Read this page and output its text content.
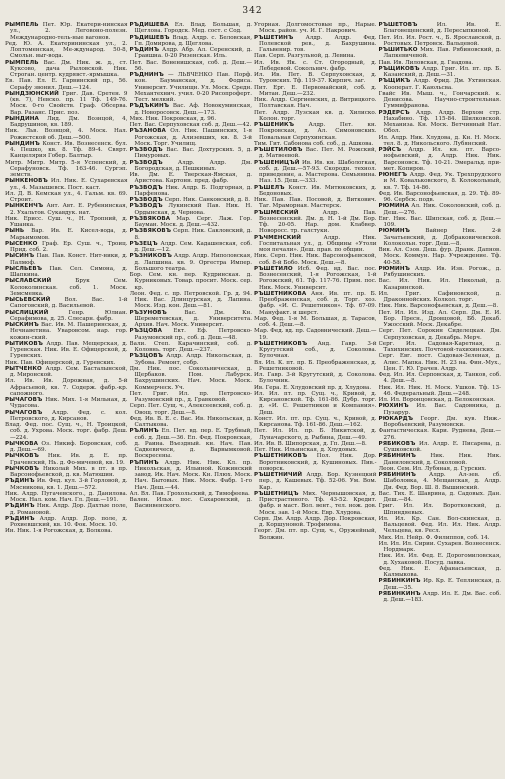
342

РЫМПЕЛЬ Пет. Юр. Екатери-нинская ул., 2. Леговоно-полезн. Международно-тель-ные вагонов.

Ред. Ю. А. Екатерининская ул., 2. Лоптоменская, Ме-ждународ. 50-8, Смольн. выг-вода.

РЫМПЕЛЬ Вас. Дм. Ник. ж. д., ст. Куксово, дача Рыловской. Ник. Строган. центр. кудрявст.-ярмышка.

Ев. Пав. Ел. Е. Гарвинский пр., 56. Серафу звонил. Деш.—124.

РЫНДЗЮНСКИЙ Григ. Дав. Сретен. 9 (кв. 7), Невско. пр. 11 Тф. 149-76. Моск. 0-го Свойств. Граф. Обсерва. Вар. Разанс. Прис. поз.

РЫНДИНА Лид. Дм. Вознцой, 4, Бадрушинов, кв. 189.

Ник. Льв. Вознцой, 4. Моск. Нал. Рожистской об. Деш.—500.

РЫНДИНЪ Конст. Ив. Вознесенск. бул. 4. Пешко, кв. 8. Тф. 89-4. Свярт. Канцелярия Гобер. Балтыр.

Митр. Митр. Митр. 5-я Успенский, д. Серафуновск. Тф. 163-46. Сургэп. земств.

РЫНКЕНОВЪ Ил. Ник. Е. Сухаревская ул., 4. Мазышевск. Пост. каст.

Ил. Д. В. Кемская ул., 4. Гальм. кв. 69. Строит.

РЫНКЕНЧЪ Ант. Авт. Е. Рубенинская, 2. Ухальтов. Сукавдук. нат.

Ник. Ерисс. Суш. ч., Н. Тропний, д. Ушанка.

РЫНЬ Вар. Ив. Е. Кисел-вода, д. Марьимомов.

РЫСЕНКО Граф. Ер. Суш. ч., Троиц. Прид. соб. 2.

РЫСИНЪ Пав. Пав. Конст. Нит-ники, д. Палмоф.

РЫСЛЬЕВЪ Пав. Сел. Симона, д. Шапкина.

РЫСЛАВСКИЙ Брук Сем. Колоколинская. соб. 1. Моск. Земсмевка.

РЫСЬЕВСКИЙ Вол. Вас. 1-й Сапоговский, д. Васильевой.

РЫСЛИЦКИЙ Генр. Юлиан. Серафимова, д. 25. Слесарн. фабр.

РЫСКИНЪ Вас. Ив. М. Пашеринская, д. Нечнаветина. Уваровсом. нар. гор. кожин-ский.

РЫТИКОВЪ Алдр. Пав. Мещерская, д. Гуревская. Ник. Ив. Е. Офицерской, д. Гуревских.

Ник. Пав. Офицерской, д. Гуревских.

РЫТЧЕНКО Алдр. Сем. Басталынской, д. Миронской.

Ил. Ив. Ив. Дорожная, д. 5-й Афрасьевой, кв. 7. Содерж. фабр.-кр. сапожного.

РЫЧАГОВЪ Ник. Мих. 1-я Мильная, д. Чудасова.

РЫЧАГОВЪ Алдр. Фед. с. кол. Петровского, д. Кирсанов.

Влад. Фед. пос. Сущ. ч., Н. Троицкой, соб. д. Ухрова. Моск. торг. фабр. Деш.—224.

РЫЧКОВА Оз. Никиф. Боровская, соб. д. Деш.—69.

РЫЧКОВЪ Ник. Ив. д. Е. пр. Грачевский, Нь. д. Фо-мичевой, кв. 19.

РЫЧКОВЪ Николай Мих. в пт. в пр. Варсонофьевской, д. кв. Матюшин.

РЪДИНЪ Ив. Фед. кул. 3-й Горловой, д. Мясникова, кв. 1. Деш.—572.

Ник. Алдр. Пугачевского., д. Данилова. Моск. Нал. ком. Нач. Гл. Деш.—191.

РЪДИНЪ Ник. Алдр. Дор. Дахтые поле, д. Романовой.

РЪДИНЪ Алдр. Алдр. Дор. поле, д. Рохиевшский, кв. 10. Фок. Моск. 10.

Ин. Ник. 1-я Рогожская, д. Волкова.

РЪДИШЕВА Ел. Влад. Большая, д. Щеглова. Городск. Мед. сост. с Сод.

РЪДИШЕВЪ Влад. Алдр. с. Беловская, Гп. Домирова, д. Щеглова.

РЪДИНЪ Алдр. Абр. Ал. Серенский, д. Граишна. 0-20 Ризенская. Иль.

Пет. Вас. Воненишская, соб. д. Деш.—56.

РЪДНИНЪ — ЛЬВЧЕНКО Пав. Порф. кон. Бауманская, д. Фодиса. Университ. Училищн. Ул. Моск. Средн. Механтехнич. учил. 0-20 Рисопроферт. Тест. мелкий.

РЪДЪКИНЪ Вас. Аф. Новокуминская, д. Новоросовск. Деш.—173.

Мих. Ник. Покровская, д. 96.

Пет. Вас. Серпуховская соб. д. Деш.—42.

РЪЗАНОВА Ол. Ник. Пашинских, 1-я Рогожская, д. Ализевших, кв. 8. 3-й Моск. Торг. Училищ.

РЪЗВОДЪ Вас. Вас. Дохтурских. 5, д. Пимуровых.

РЪЗВОДЪ Алдр. Алдр. Дм. Богородская, д. Пешкиных.

Ив. Дм. Е. Тверская-Ямская, д. Аристова. Картонн. пред. фабр.

РЪЗВОДЪ Ник. Алдр. Б. Подгорная, д. Парфенова.

РЪЗВОДЪ Серп. Ник. Санковский, д. 8.

РЪЗВОДЪ Лукинский Пав. Ник. Н. Ордынская, д. Чернова.

РЪЗВЯКОВА Мар. Серг. Лаж. Гор. Бауман. Моск. д. Деш.—432.

РЪЗВЯКОВЪ Серп. Ник. Сакловский, д. 8.

РЪЗЕЦЪ Алдр. Сем. Кадашевская, соб. д. Деш.—12.

РЪЗНИКОВЪ Алдр. Алдр. Ниполовская, д. Лапшина. кв. 9. Оргестра Импер. Большого театра.

Бор. Сем. кн. пер. Кудринская. д. Курниковых. Товар. просит. Моск. сер. кр.

Леон. Фед. с. пр. Петровской. Гр. д. 94. Ник. Вас. Длинцурская, д. Лапина. Моск. Изд. кон. Деш.—81.

РЪЗУНОВЪ Вас. Дм. Кн. Шереметевская, д. Университета. Архив. Нач. Моск. Университ.

РЪЗЦОВА Ект. Еф. Петровско-Разумовский пр., соб. д. Деш.—48.

Вали. Степ. Карачинский, соб. д. Коловнь. торг. Деш.—237.

РЪЗЦОВЪ Алдр. Алдр. Никольская, д. Зубова. Ремонт, собр.

Дм. Ник. пос. Сокольническая, д. Щербаков. Пом. Лабурск. Бахрушинских. Нач. Моск. Моск. Коммерческ. Уч.

Пет. Григ. Ил. пр. Петровско-Разумовский пр., д. Гравковой.

Серп. Пет. Сущ. ч., Алексеевский, соб. д. Овощ. торг. Деш.—8.

Фед. Ив. В. Е. с. Вас. Ив. Никольская, д. Салтыкова.

РЪЛИНЪ Ел. Пет. вд. пер. Е. Трубный, соб. д. Деш.—36. Еп. Фед. Покровская, д. Раина. Въездный. кн. Нач. Пав. Садкевичеси, д. Варвымковой. Воскресены.

РЪПИНЪ Алдр. Ник. Ник. Кл. пр. Никольская, д. Ильиной. Кожинский завод. Ик. Нач. Моск. Кн. Плюх. Моск. Нач. Бытовых. Ник. Моск. Фабр. 1-го Нач. Деш.—44.

Ал. Вл. Пав. Грохольский, д. Тимофеева.

Вален. Илья. пос. Сахаровский, д. Васинвенского.

Угорная. Долгомостовые пр., Нарые. Моск. район. уч. И. Г. Накрович.

РЪШЕТИНЪ Алдр. Алдр. Фед. Полевской рев., д. Бахрушина. Гальвенир. тов.

Пав. Серп. Разгульной, д. Левина.

Ил. Ив. Як. с. Ст. Огородный, д. Лебедевой. Сокольнич. фабр.

Ил. Ив. Пет. В. Серпуховская, д. Туровских. Тф. 119-37. Кирпич. заг.

Пит. Ерг. Е. Первомайский, соб. д. Митан. Деш.—232.

Ник. Алдр. Сергиевских, д. Витрицкого. Полтавская. Нач.

Пет. Алдр. Лузская кв. д. Хилиско. Колон. торг.

РЪШЕНИКЪ Алдр. Пет. кн. Покровская, д. Ал. Симоновских. Повальная Серпухинская.

Тим. Гит. Сабонова соб. соб., д. Ашкова.

РЪШЕТИЛОВЪ Вас. Пет. М. Рожский, д. Матвеевой.

РЪШЕНИЦЪЙ Ив. Ив. кн. Шабологкая, соб. д. Деш.—57-93. Скородн. технол. приведение, а. Мастерова. Семьянина. Наз. 15. Деш.—333.

РЪШЕЛЪ Конст. Ив. Митюковских, д. Бедоновых.

Ник. Пав. Пав. Посовой, д. Виткович. Таг. Мраморная. Мастерск.

РЪШМЕСКИЙ Алдр. Пав. Вознесенский. Дм. д. Н. 1-й Дм. Бор. Тф. 20-05. Нар. дом. Клабвер. Новоросс. тр. галстуки.

РЪЧМЕНСКИЙ Алдр. Ник. Госпитальная ул., д. Общины «Утоли моя печали». Деш. прав. по общин.

Ник. Серп. Ник. Ник. Варсонофьевской, соб. 8-й Бобо. Моск. Деш.—8.

РЪШЕТИЛО Исб. Фед. вд. Вас. пос. Вознесенский, 1-я Рогожская, 1-й Рогожский, 61. Тф. 117-76. Прим. пос. Ник. Моск. Университ.

РЪШЕТНИКОВА Аня. Ив. пт. пр. Б. Преображенская, соб. д. Торг. хоз. фабр. «И. С. Решетников». Тф. 67-09. Мануфакт. и шерст.

Мар. Фед. 1-я М. Большая, д. Тарасов, соб. 4. Деш.—8.

Мар. Фед. вд. пр. Садовнический. Деш.—19.

РЪШЕТНИКОВЪ Анд. Гавр. 3-й Кругутский соб., д. Соколова. Булочная.

Вл. Ил. К. пт. пр. Б. Преображенская, д. Решетниковой.

Ил. Гавр. 3-й Кругутский, д. Соколова. Булочник.

Ив. Гера. Е. Хлудовский пр. д. Хлудова.

Ил. Ил. пт. пр. Сущ. ч., Кривой, д. Кирсановской. Тф. 161-86. Дубр. торг. д. «И. С. Решетников и Компания». Деш.

Конст. Ил. пт. пр. Сущ. ч., Кривой, д. Кирсанова. Тф. 161-86. Деш.—162.

Пет. Ил. Ил. пр. Б. Никитской, д. Луначарского, д. Рыбина, Деш.—49.

Ил. Ив. В. Шипорская, д. Гп. Деш.—8.

Пет. Ник. Ильинская, д. Хлудовых.

РЪШЕТНИКОВЪ Пол. Ник. Дор. Воротниковский, д. Кушиновых. Пив.-поворск.

РЪШЕТНИЧИЙ Алдр. Бор. Кузнецкий пер., д. Кашевых. Тф. 52-06. Ум. Вом. Кар.

РЪШЕТНИЦЪ Мих. Чернышовская, д. Пристрастиного. Тф. 43-52. Кредит. фабр. и маст. Вол. вент., тел. нож. дов. Моск. зав. 1-й Моск. Евр. Хлудова.

Серп. Дм. Алдр. Алдр. Дор. Покровская, д. Коршуновой. Трофимова.

Георг. Дм. пт. пр. Сущ. ч., Оружейный, Волжин.

РЪШЕТОВЪ Ил. Ив. Е. Благовещенский, д. Пересыпкиной.

Пет. Ил. Ил. Рост. ч., Б. Ярославской, д. Ростовых. Петровск. Вальцевой.

РЪШИТЬКО Мих. Пав. Рябиновский, д. Лапкевичевой.

Пав. Ив. Лиловская, д. Гнадова.

РЪЩИКОВЪ Алдр. Григ. Ил. пт. пр. Б. Казанский, д. Деш.—31.

РЪЩИКЪ Алдр. Фрид. Дм. Ухтинская. Кооперат. Г. Каюльсва.

Гвайс Ив. Мыш. ч., Гончарский. к. Денисова. Научно-строительная. Гуммифранова.

РЭДЕРСЪ Алдр. Алдр. Верхом стр. Нахабино. Тф. 115-84. Шилковской. Механиза. Кн. Моск. Ветчинный Нат. Обол.

Ил. Алдр. Ник. Хлудова, д. Кн. Н. Моск. тел. 8. д. Никольского. Лубянский.

РЭЙСЪ Алдр. Ил. кн. пт. Варсо-нофьевский, д. Алдр. Ник. Ник. Варсоновск. Тф. 10-21. Эмеральд. при-мет. Копиров.

РЮНЕГЪ Алдр. Фед. Ук. Трехпрудского и М. Ковальковского, 8. Колокольный, кв. 7. Тф. 14-86.

Фед. Ив. Варсонофьевская, д. 29. Тф. 89-96. Сербск. подв.

РЮМИНА Ал. Ник. Соколовский, соб. д. Деш.—276.

Евг. Ник. Вас. Шипская, соб. д. Деш.—109.

РЮМИНЪ Вайнер Ник. 2-й Зачатьевский, д. Добраковичевской. Колокольн. торг. Деш.—8.

Вик. Ал. Сзов. Деш. фур. Дранк. Дапнов. Моск. Коммун. Нар. Учреждение. Тф. 40-58.

РЮМИНЪ Алдр. Ив. Изв. Рогож., д. Рябушинских.

Вас. Ил. Ник. Ил. Николый, д. Казаринской.

Ил. Григ. Сафиновской, д. Драконнойских. Колкол. торг.

Ник. Ник. Варсонофьевская, д. Деш.—8.

Пет. Ил. Ил. Изд. Ал. Серп. Дм. Е. И. Бор. Пресн., Дровцовой, Бб. Декаб. Ужосский. Моск. Декабре.

Серг. Пет. Сорокин Сиделецкая. Дм. Серпуховская, д. Декабрь. Мерч.

Серг. Ил. Садовая-Каретная, д. Тахихинских. Почтовой-тахихинских.

Серг. Евг. пост. Садовая-Зеленая, д. Алис. Мапка. Ник. Н. 23 на. Фин.-Мух., Цен. Г. Ю. Грачев. Алдр.

Фед. Ил. Ил. Серповская, д. Танков, соб. 4. Деш.—8.

Ник. Ил. Ник. Н. Моск. Ушков. Тф. 13-46. Федеральный. Деш.—248.

Ил. Ил. Воронцовская, д. Белоконская.

РЮХИНЪ Ил. Вас. Садовника, д. Пузарур.

РЮКАРДЪ Георг. Дм. кув. Ниж.-Воробьевский, Разумовски.

Фантастическая. Кари. Руднева, Деш.—276.

РЯБИКОВЪ Ил. Алдр. Е. Писарева, д. Сушковской.

РЯБИНИНЪ Ник. Ник. Ник. Даниловский, д. Соколовой.

Леон. Сем. Ил. Лубяная, д. Гурских.

РЯБИНИНЪ Алдр. Ал-зев. сб. Шаболовка, 4. Мещанская, д. Алдр. Ди. Фед. Вор. Ш. 8. Вышинский.

Вас. Тих. Е. Шаврина, д. Садовых. Дан. Деш.—84.

Григ. Ил. Ил. Воротковский, д. Шпиндяевых.

Ил. Ил. Кр. Сан. Вол-скинская, д. Вальцевой. Фед. Ил. Ил. Ник. Алдр. Чельцева, кв. Ресл.

Мих. Ил. Нейр. Ф. Филиппов, соб. 14.

Ил. Ил. Ил. Сирии. Сухарев. Вознесенск. Нордмарк.

Ник. Ил. Ил. Фед. Е. Дорогомиловская, д. Хухаковой. Посуд. лавка.

Фед. Ник. Е. Афанасьевская, д. Калмыкова.

РЯБИНКИНЪ Ир. Кр. Е. Теплинская, д. Деш.—35.

РЯБИНКИНЪ Алдр. Ил. Е. Дм. Вас. соб. д. Деш.—183.
